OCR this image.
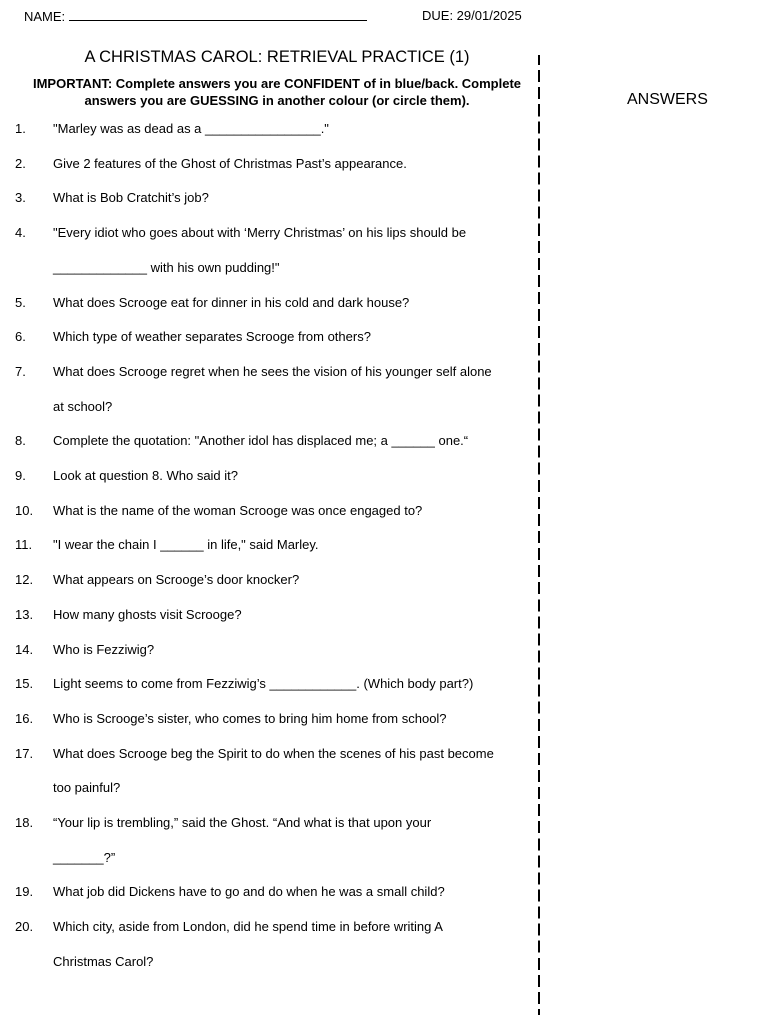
NAME:	DUE: 29/01/2025
A CHRISTMAS CAROL: RETRIEVAL PRACTICE (1)
IMPORTANT: Complete answers you are CONFIDENT of in blue/back. Complete
answers you are GUESSING in another colour (or circle them).	ANSWERS
1. "Marley was as dead as a ________________."
2. Give 2 features of the Ghost of Christmas Past’s appearance.
3. What is Bob Cratchit’s job?
4. "Every idiot who goes about with ‘Merry Christmas’ on his lips should be
_____________ with his own pudding!"
5. What does Scrooge eat for dinner in his cold and dark house?
6. Which type of weather separates Scrooge from others?
7. What does Scrooge regret when he sees the vision of his younger self alone
at school?
8. Complete the quotation: "Another idol has displaced me; a ______ one.“
9. Look at question 8. Who said it?
10. What is the name of the woman Scrooge was once engaged to?
11. "I wear the chain I ______ in life," said Marley.
12. What appears on Scrooge’s door knocker?
13. How many ghosts visit Scrooge?
14. Who is Fezziwig?
15. Light seems to come from Fezziwig’s ____________. (Which body part?)
16. Who is Scrooge’s sister, who comes to bring him home from school?
17. What does Scrooge beg the Spirit to do when the scenes of his past become
too painful?
18. “Your lip is trembling,” said the Ghost. “And what is that upon your
_______?”
19. What job did Dickens have to go and do when he was a small child?
20. Which city, aside from London, did he spend time in before writing A
Christmas Carol?
